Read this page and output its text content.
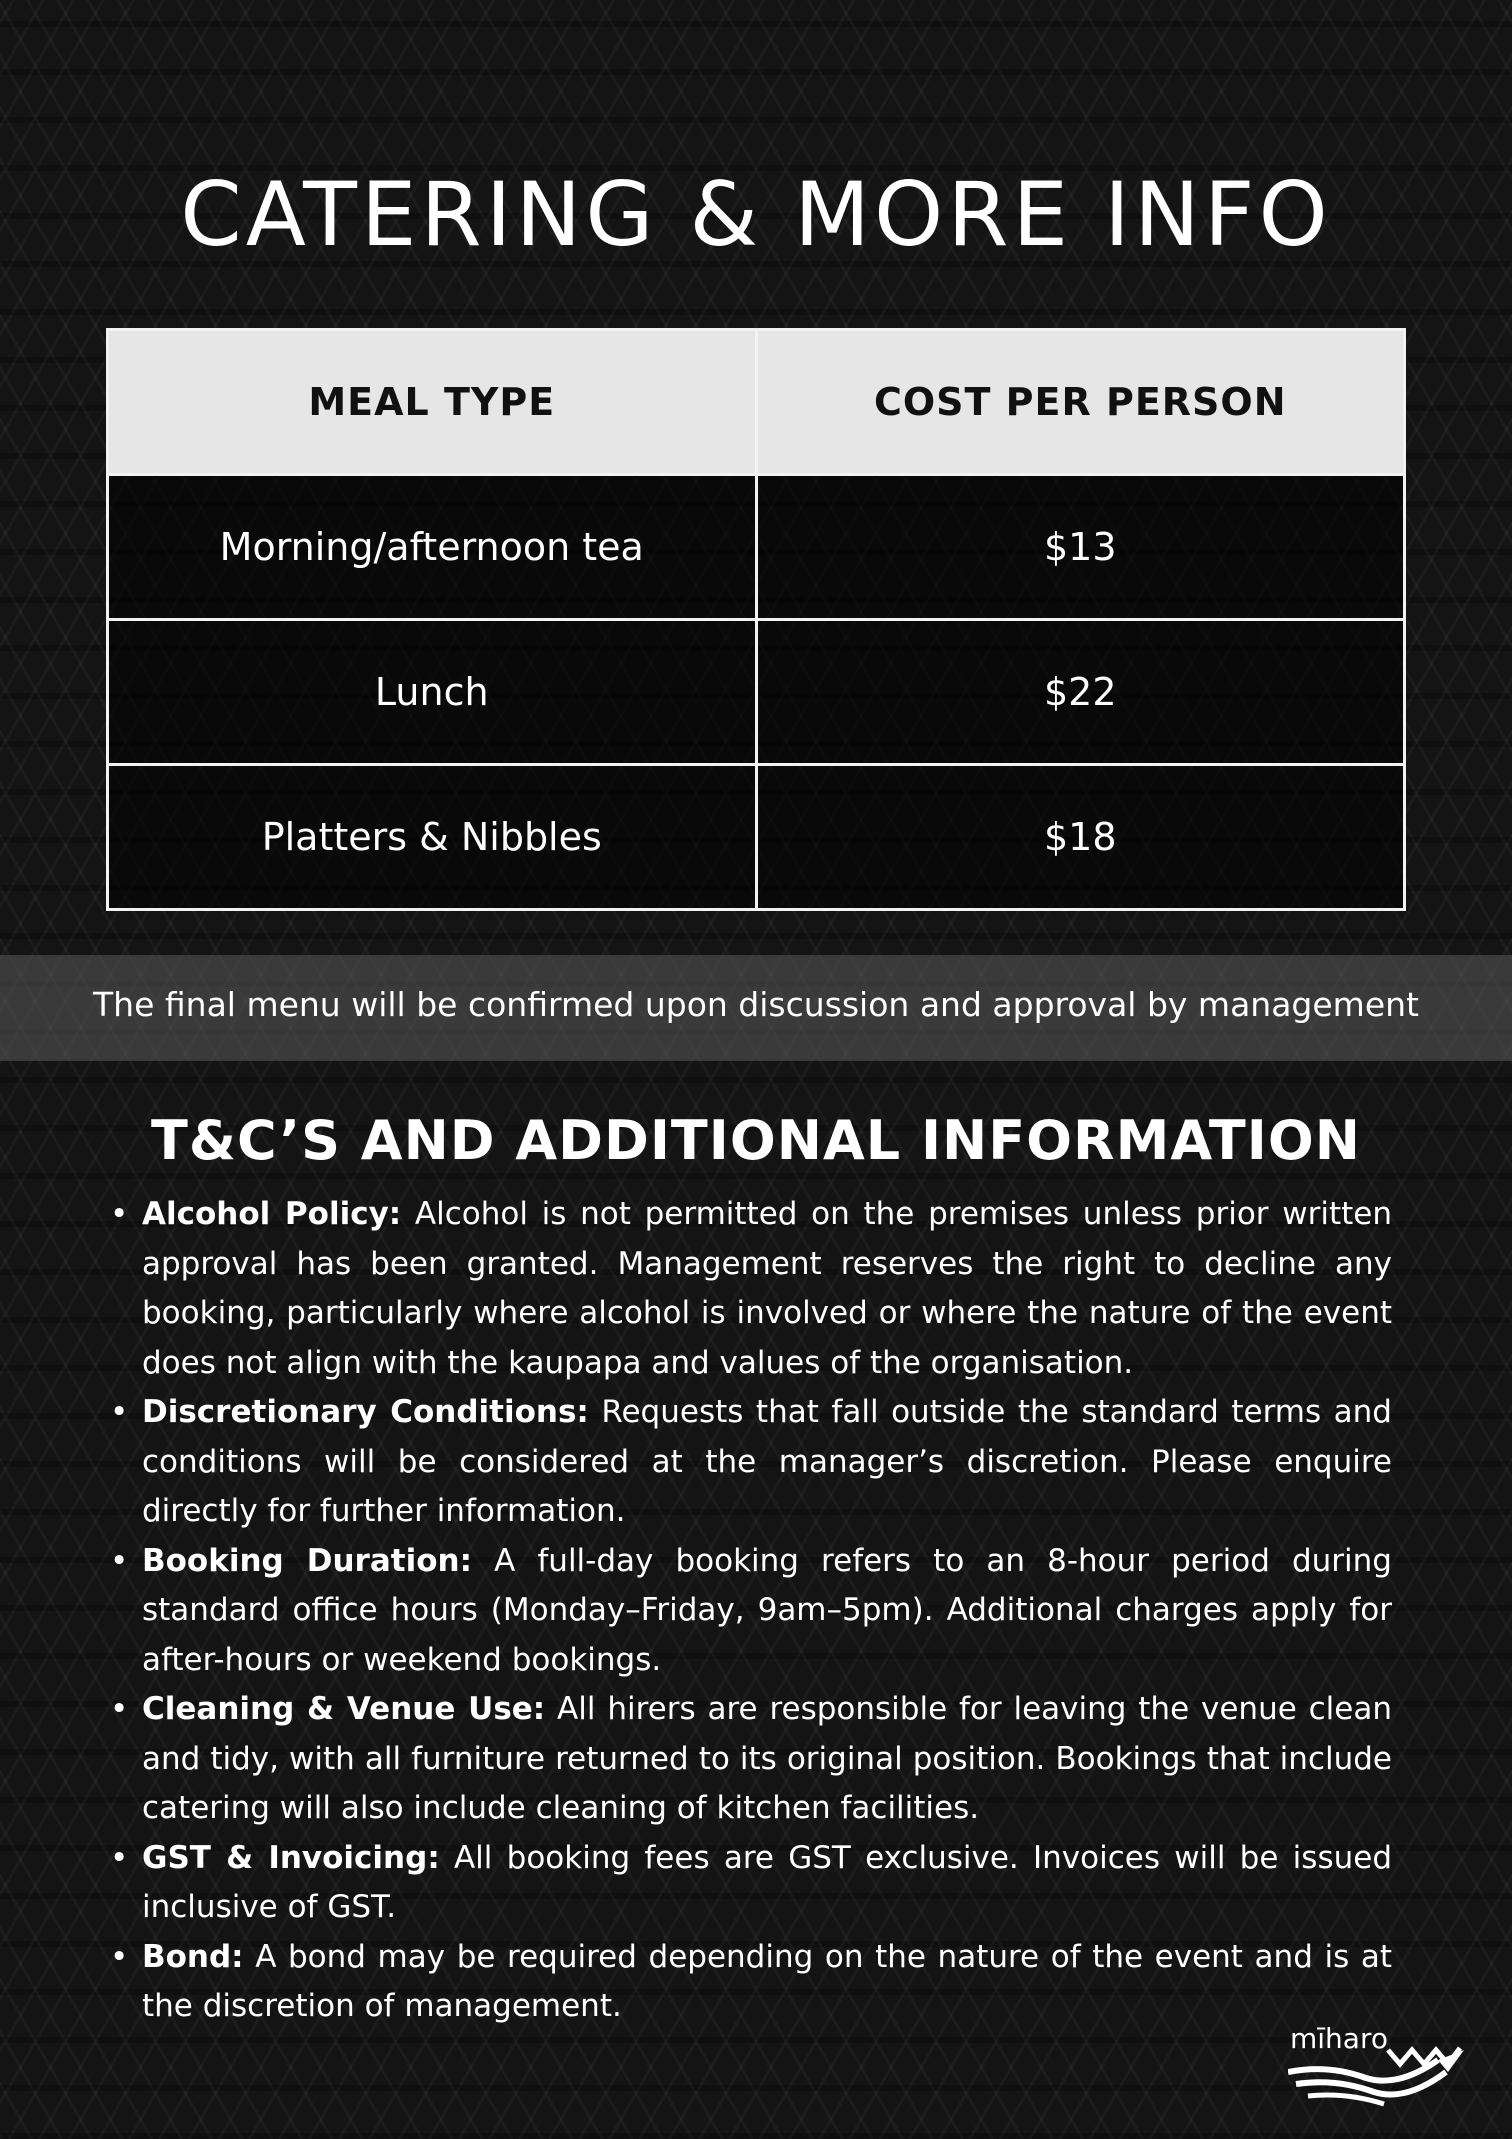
CATERING & MORE INFO
MEAL TYPE	COST PER PERSON
Morning/afternoon tea	$13
Lunch	$22
Platters & Nibbles	$18

The final menu will be confirmed upon discussion and approval by management

T&C’S AND ADDITIONAL INFORMATION
• Alcohol Policy: Alcohol is not permitted on the premises unless prior written approval has been granted. Management reserves the right to decline any booking, particularly where alcohol is involved or where the nature of the event does not align with the kaupapa and values of the organisation.
• Discretionary Conditions: Requests that fall outside the standard terms and conditions will be considered at the manager’s discretion. Please enquire directly for further information.
• Booking Duration: A full-day booking refers to an 8-hour period during standard office hours (Monday–Friday, 9am–5pm). Additional charges apply for after-hours or weekend bookings.
• Cleaning & Venue Use: All hirers are responsible for leaving the venue clean and tidy, with all furniture returned to its original position. Bookings that include catering will also include cleaning of kitchen facilities.
• GST & Invoicing: All booking fees are GST exclusive. Invoices will be issued inclusive of GST.
• Bond: A bond may be required depending on the nature of the event and is at the discretion of management.

mīharo
